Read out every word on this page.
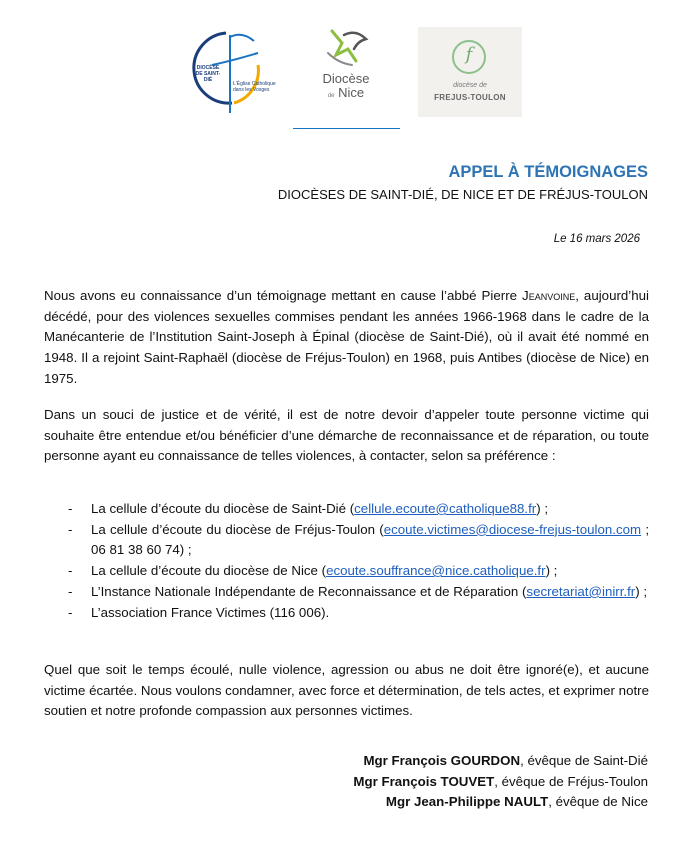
DIOCÈSE DE SAINT-DIÉ
L'Église Catholique dans les Vosges
Diocèse
de Nice
f
diocèse de
FREJUS-TOULON
APPEL À TÉMOIGNAGES
DIOCÈSES DE SAINT-DIÉ, DE NICE ET DE FRÉJUS-TOULON
Le 16 mars 2026
Nous avons eu connaissance d’un témoignage mettant en cause l’abbé Pierre Jeanvoine, aujourd’hui décédé, pour des violences sexuelles commises pendant les années 1966-1968 dans le cadre de la Manécanterie de l’Institution Saint-Joseph à Épinal (diocèse de Saint-Dié), où il avait été nommé en 1948. Il a rejoint Saint-Raphaël (diocèse de Fréjus-Toulon) en 1968, puis Antibes (diocèse de Nice) en 1975.
Dans un souci de justice et de vérité, il est de notre devoir d’appeler toute personne victime qui souhaite être entendue et/ou bénéficier d’une démarche de reconnaissance et de réparation, ou toute personne ayant eu connaissance de telles violences, à contacter, selon sa préférence :
- La cellule d’écoute du diocèse de Saint-Dié (cellule.ecoute@catholique88.fr) ;
- La cellule d’écoute du diocèse de Fréjus-Toulon (ecoute.victimes@diocese-frejus-toulon.com ; 06 81 38 60 74) ;
- La cellule d’écoute du diocèse de Nice (ecoute.souffrance@nice.catholique.fr) ;
- L’Instance Nationale Indépendante de Reconnaissance et de Réparation (secretariat@inirr.fr) ;
- L’association France Victimes (116 006).
Quel que soit le temps écoulé, nulle violence, agression ou abus ne doit être ignoré(e), et aucune victime écartée. Nous voulons condamner, avec force et détermination, de tels actes, et exprimer notre soutien et notre profonde compassion aux personnes victimes.
Mgr François GOURDON, évêque de Saint-Dié
Mgr François TOUVET, évêque de Fréjus-Toulon
Mgr Jean-Philippe NAULT, évêque de Nice
